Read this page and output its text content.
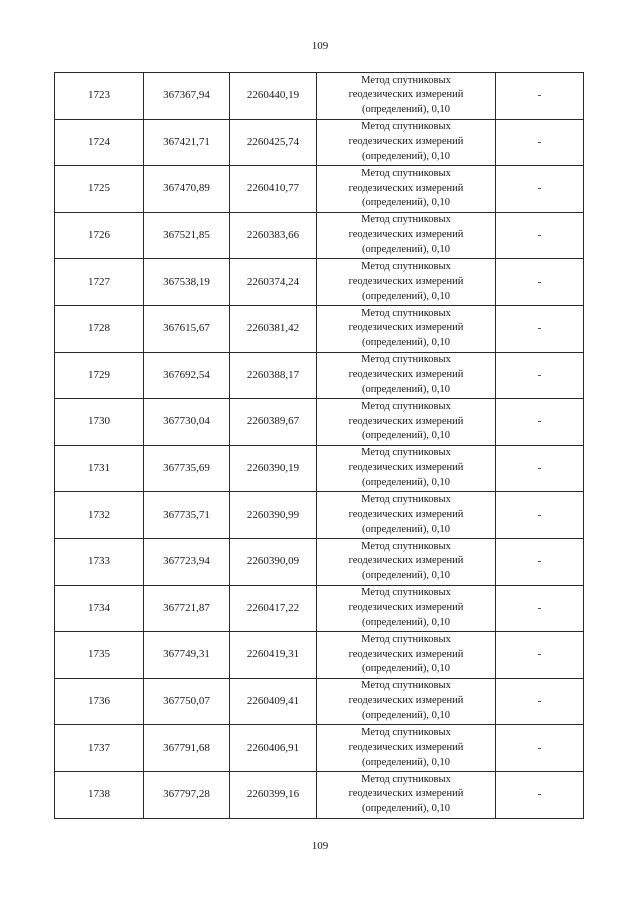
109
1723	367367,94	2260440,19	Метод спутниковых
геодезических измерений
(определений), 0,10	-
1724	367421,71	2260425,74	Метод спутниковых
геодезических измерений
(определений), 0,10	-
1725	367470,89	2260410,77	Метод спутниковых
геодезических измерений
(определений), 0,10	-
1726	367521,85	2260383,66	Метод спутниковых
геодезических измерений
(определений), 0,10	-
1727	367538,19	2260374,24	Метод спутниковых
геодезических измерений
(определений), 0,10	-
1728	367615,67	2260381,42	Метод спутниковых
геодезических измерений
(определений), 0,10	-
1729	367692,54	2260388,17	Метод спутниковых
геодезических измерений
(определений), 0,10	-
1730	367730,04	2260389,67	Метод спутниковых
геодезических измерений
(определений), 0,10	-
1731	367735,69	2260390,19	Метод спутниковых
геодезических измерений
(определений), 0,10	-
1732	367735,71	2260390,99	Метод спутниковых
геодезических измерений
(определений), 0,10	-
1733	367723,94	2260390,09	Метод спутниковых
геодезических измерений
(определений), 0,10	-
1734	367721,87	2260417,22	Метод спутниковых
геодезических измерений
(определений), 0,10	-
1735	367749,31	2260419,31	Метод спутниковых
геодезических измерений
(определений), 0,10	-
1736	367750,07	2260409,41	Метод спутниковых
геодезических измерений
(определений), 0,10	-
1737	367791,68	2260406,91	Метод спутниковых
геодезических измерений
(определений), 0,10	-
1738	367797,28	2260399,16	Метод спутниковых
геодезических измерений
(определений), 0,10	-
109
